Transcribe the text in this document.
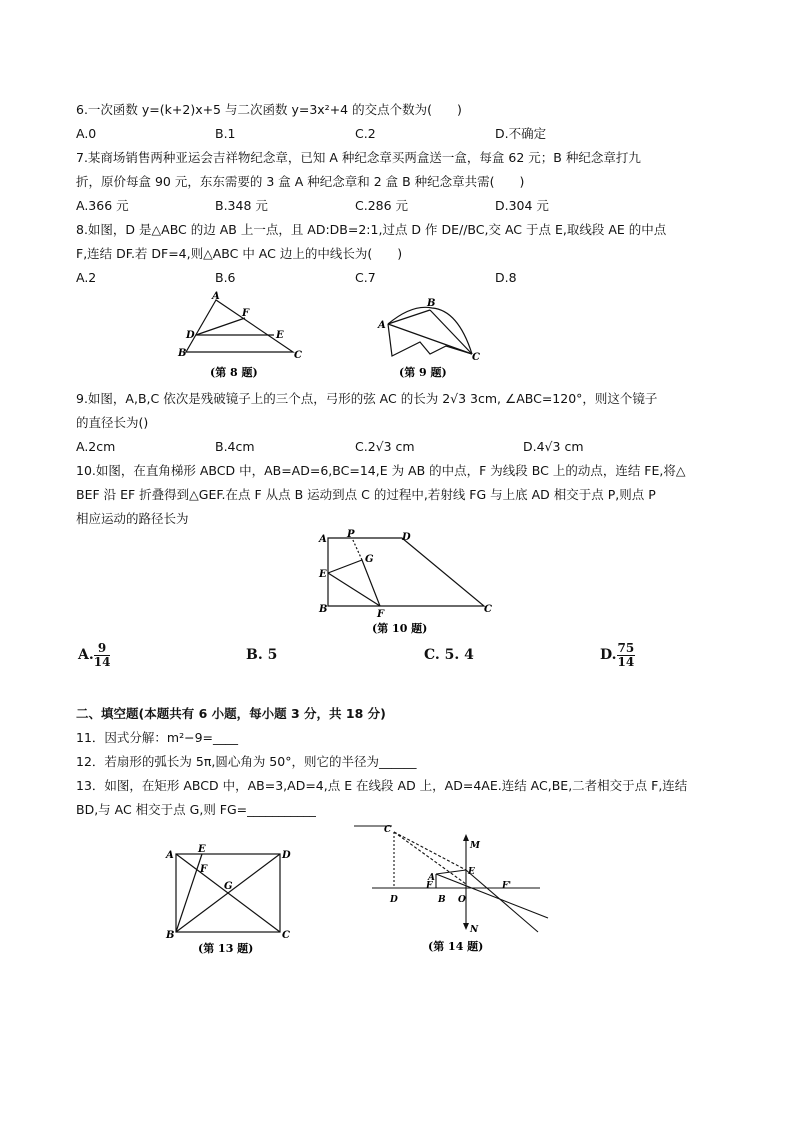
6.一次函数 y=(k+2)x+5 与二次函数 y=3x²+4 的交点个数为(　　)
A.0	B.1	C.2	D.不确定
7.某商场销售两种亚运会吉祥物纪念章，已知 A 种纪念章买两盒送一盒，每盒 62 元；B 种纪念章打九
折，原价每盒 90 元，东东需要的 3 盒 A 种纪念章和 2 盒 B 种纪念章共需(　　)
A.366 元	B.348 元	C.286 元	D.304 元
8.如图，D 是△ABC 的边 AB 上一点，且 AD:DB=2:1,过点 D 作 DE//BC,交 AC 于点 E,取线段 AE 的中点
F,连结 DF.若 DF=4,则△ABC 中 AC 边上的中线长为(　　)
A.2	B.6	C.7	D.8
A
F
D	E
B	C
(第 8 题)
A
B
C
(第 9 题)
9.如图，A,B,C 依次是残破镜子上的三个点，弓形的弦 AC 的长为 2√3 3cm, ∠ABC=120°，则这个镜子
的直径长为()
A.2cm	B.4cm	C.2√3 cm	D.4√3 cm
10.如图，在直角梯形 ABCD 中，AB=AD=6,BC=14,E 为 AB 的中点，F 为线段 BC 上的动点，连结 FE,将△
BEF 沿 EF 折叠得到△GEF.在点 F 从点 B 运动到点 C 的过程中,若射线 FG 与上底 AD 相交于点 P,则点 P
相应运动的路径长为
A P	D
G
E
B	F	C
(第 10 题)
A. $\frac{9}{14}$	B. 5	C. 5. 4	D. $\frac{75}{14}$
二、填空题(本题共有 6 小题，每小题 3 分，共 18 分)
11．因式分解：m²−9=____
12．若扇形的弧长为 5π,圆心角为 50°，则它的半径为______
13．如图，在矩形 ABCD 中，AB=3,AD=4,点 E 在线段 AD 上，AD=4AE.连结 AC,BE,二者相交于点 F,连结
BD,与 AC 相交于点 G,则 FG=___________
A
E
D
F
G
B	C
(第 13 题)
C
M
A
E
F
D	B O
F'
N
(第 14 题)
